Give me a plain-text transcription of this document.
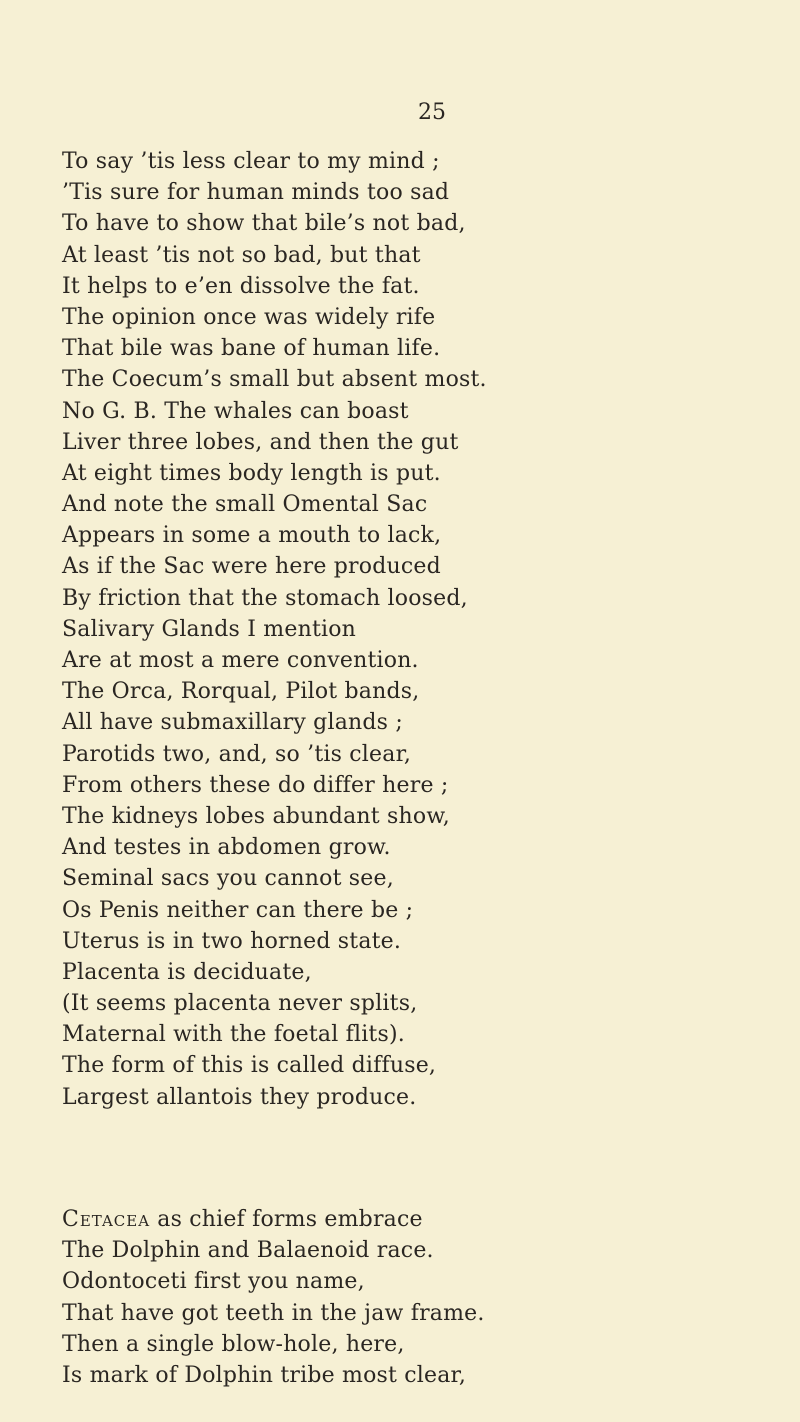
25
To say ’tis less clear to my mind ;
’Tis sure for human minds too sad
To have to show that bile’s not bad,
At least ’tis not so bad, but that
It helps to e’en dissolve the fat.
The opinion once was widely rife
That bile was bane of human life.
The Coecum’s small but absent most.
No G. B. The whales can boast
Liver three lobes, and then the gut
At eight times body length is put.
And note the small Omental Sac
Appears in some a mouth to lack,
As if the Sac were here produced
By friction that the stomach loosed,
Salivary Glands I mention
Are at most a mere convention.
The Orca, Rorqual, Pilot bands,
All have submaxillary glands ;
Parotids two, and, so ’tis clear,
From others these do differ here ;
The kidneys lobes abundant show,
And testes in abdomen grow.
Seminal sacs you cannot see,
Os Penis neither can there be ;
Uterus is in two horned state.
Placenta is deciduate,
(It seems placenta never splits,
Maternal with the foetal flits).
The form of this is called diffuse,
Largest allantois they produce.
Cetacea as chief forms embrace
The Dolphin and Balaenoid race.
Odontoceti first you name,
That have got teeth in the jaw frame.
Then a single blow-hole, here,
Is mark of Dolphin tribe most clear,
